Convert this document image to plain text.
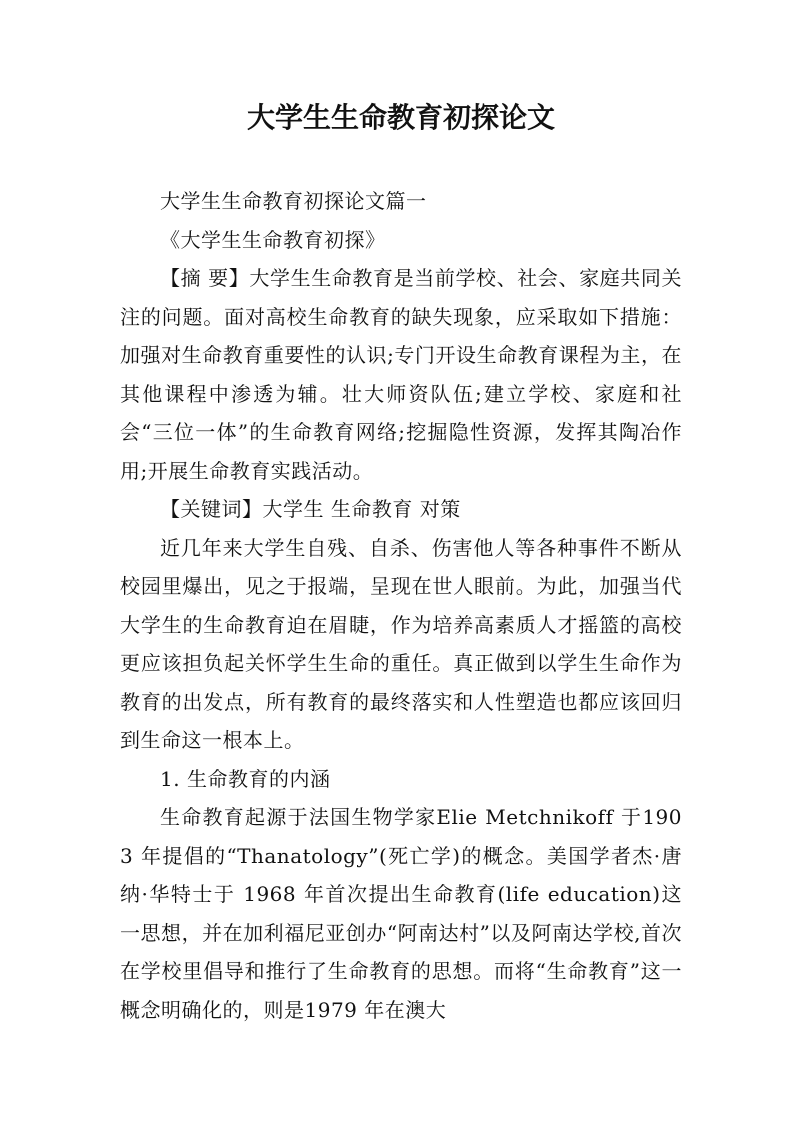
大学生生命教育初探论文

大学生生命教育初探论文篇一

《大学生生命教育初探》

【摘 要】大学生生命教育是当前学校、社会、家庭共同关注的问题。面对高校生命教育的缺失现象，应采取如下措施：加强对生命教育重要性的认识;专门开设生命教育课程为主，在其他课程中渗透为辅。壮大师资队伍;建立学校、家庭和社会“三位一体”的生命教育网络;挖掘隐性资源，发挥其陶冶作用;开展生命教育实践活动。

【关键词】大学生 生命教育 对策

近几年来大学生自残、自杀、伤害他人等各种事件不断从校园里爆出，见之于报端，呈现在世人眼前。为此，加强当代大学生的生命教育迫在眉睫，作为培养高素质人才摇篮的高校更应该担负起关怀学生生命的重任。真正做到以学生生命作为教育的出发点，所有教育的最终落实和人性塑造也都应该回归到生命这一根本上。

1. 生命教育的内涵

生命教育起源于法国生物学家Elie Metchnikoff 于1903 年提倡的“Thanatology”(死亡学)的概念。美国学者杰·唐纳·华特士于 1968 年首次提出生命教育(life education)这一思想，并在加利福尼亚创办“阿南达村”以及阿南达学校,首次在学校里倡导和推行了生命教育的思想。而将“生命教育”这一概念明确化的，则是1979 年在澳大
